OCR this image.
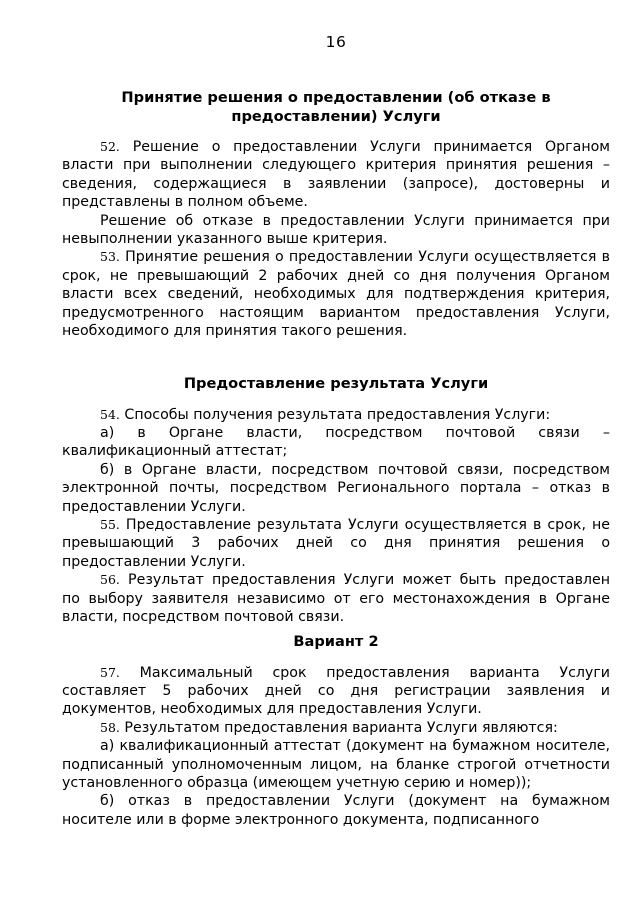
16

Принятие решения о предоставлении (об отказе в предоставлении) Услуги

52. Решение о предоставлении Услуги принимается Органом власти при выполнении следующего критерия принятия решения – сведения, содержащиеся в заявлении (запросе), достоверны и представлены в полном объеме.

Решение об отказе в предоставлении Услуги принимается при невыполнении указанного выше критерия.

53. Принятие решения о предоставлении Услуги осуществляется в срок, не превышающий 2 рабочих дней со дня получения Органом власти всех сведений, необходимых для подтверждения критерия, предусмотренного настоящим вариантом предоставления Услуги, необходимого для принятия такого решения.

Предоставление результата Услуги

54. Способы получения результата предоставления Услуги:

а) в Органе власти, посредством почтовой связи – квалификационный аттестат;

б) в Органе власти, посредством почтовой связи, посредством электронной почты, посредством Регионального портала – отказ в предоставлении Услуги.

55. Предоставление результата Услуги осуществляется в срок, не превышающий 3 рабочих дней со дня принятия решения о предоставлении Услуги.

56. Результат предоставления Услуги может быть предоставлен по выбору заявителя независимо от его местонахождения в Органе власти, посредством почтовой связи.

Вариант 2

57. Максимальный срок предоставления варианта Услуги составляет 5 рабочих дней со дня регистрации заявления и документов, необходимых для предоставления Услуги.

58. Результатом предоставления варианта Услуги являются:

а) квалификационный аттестат (документ на бумажном носителе, подписанный уполномоченным лицом, на бланке строгой отчетности установленного образца (имеющем учетную серию и номер));

б) отказ в предоставлении Услуги (документ на бумажном носителе или в форме электронного документа, подписанного
